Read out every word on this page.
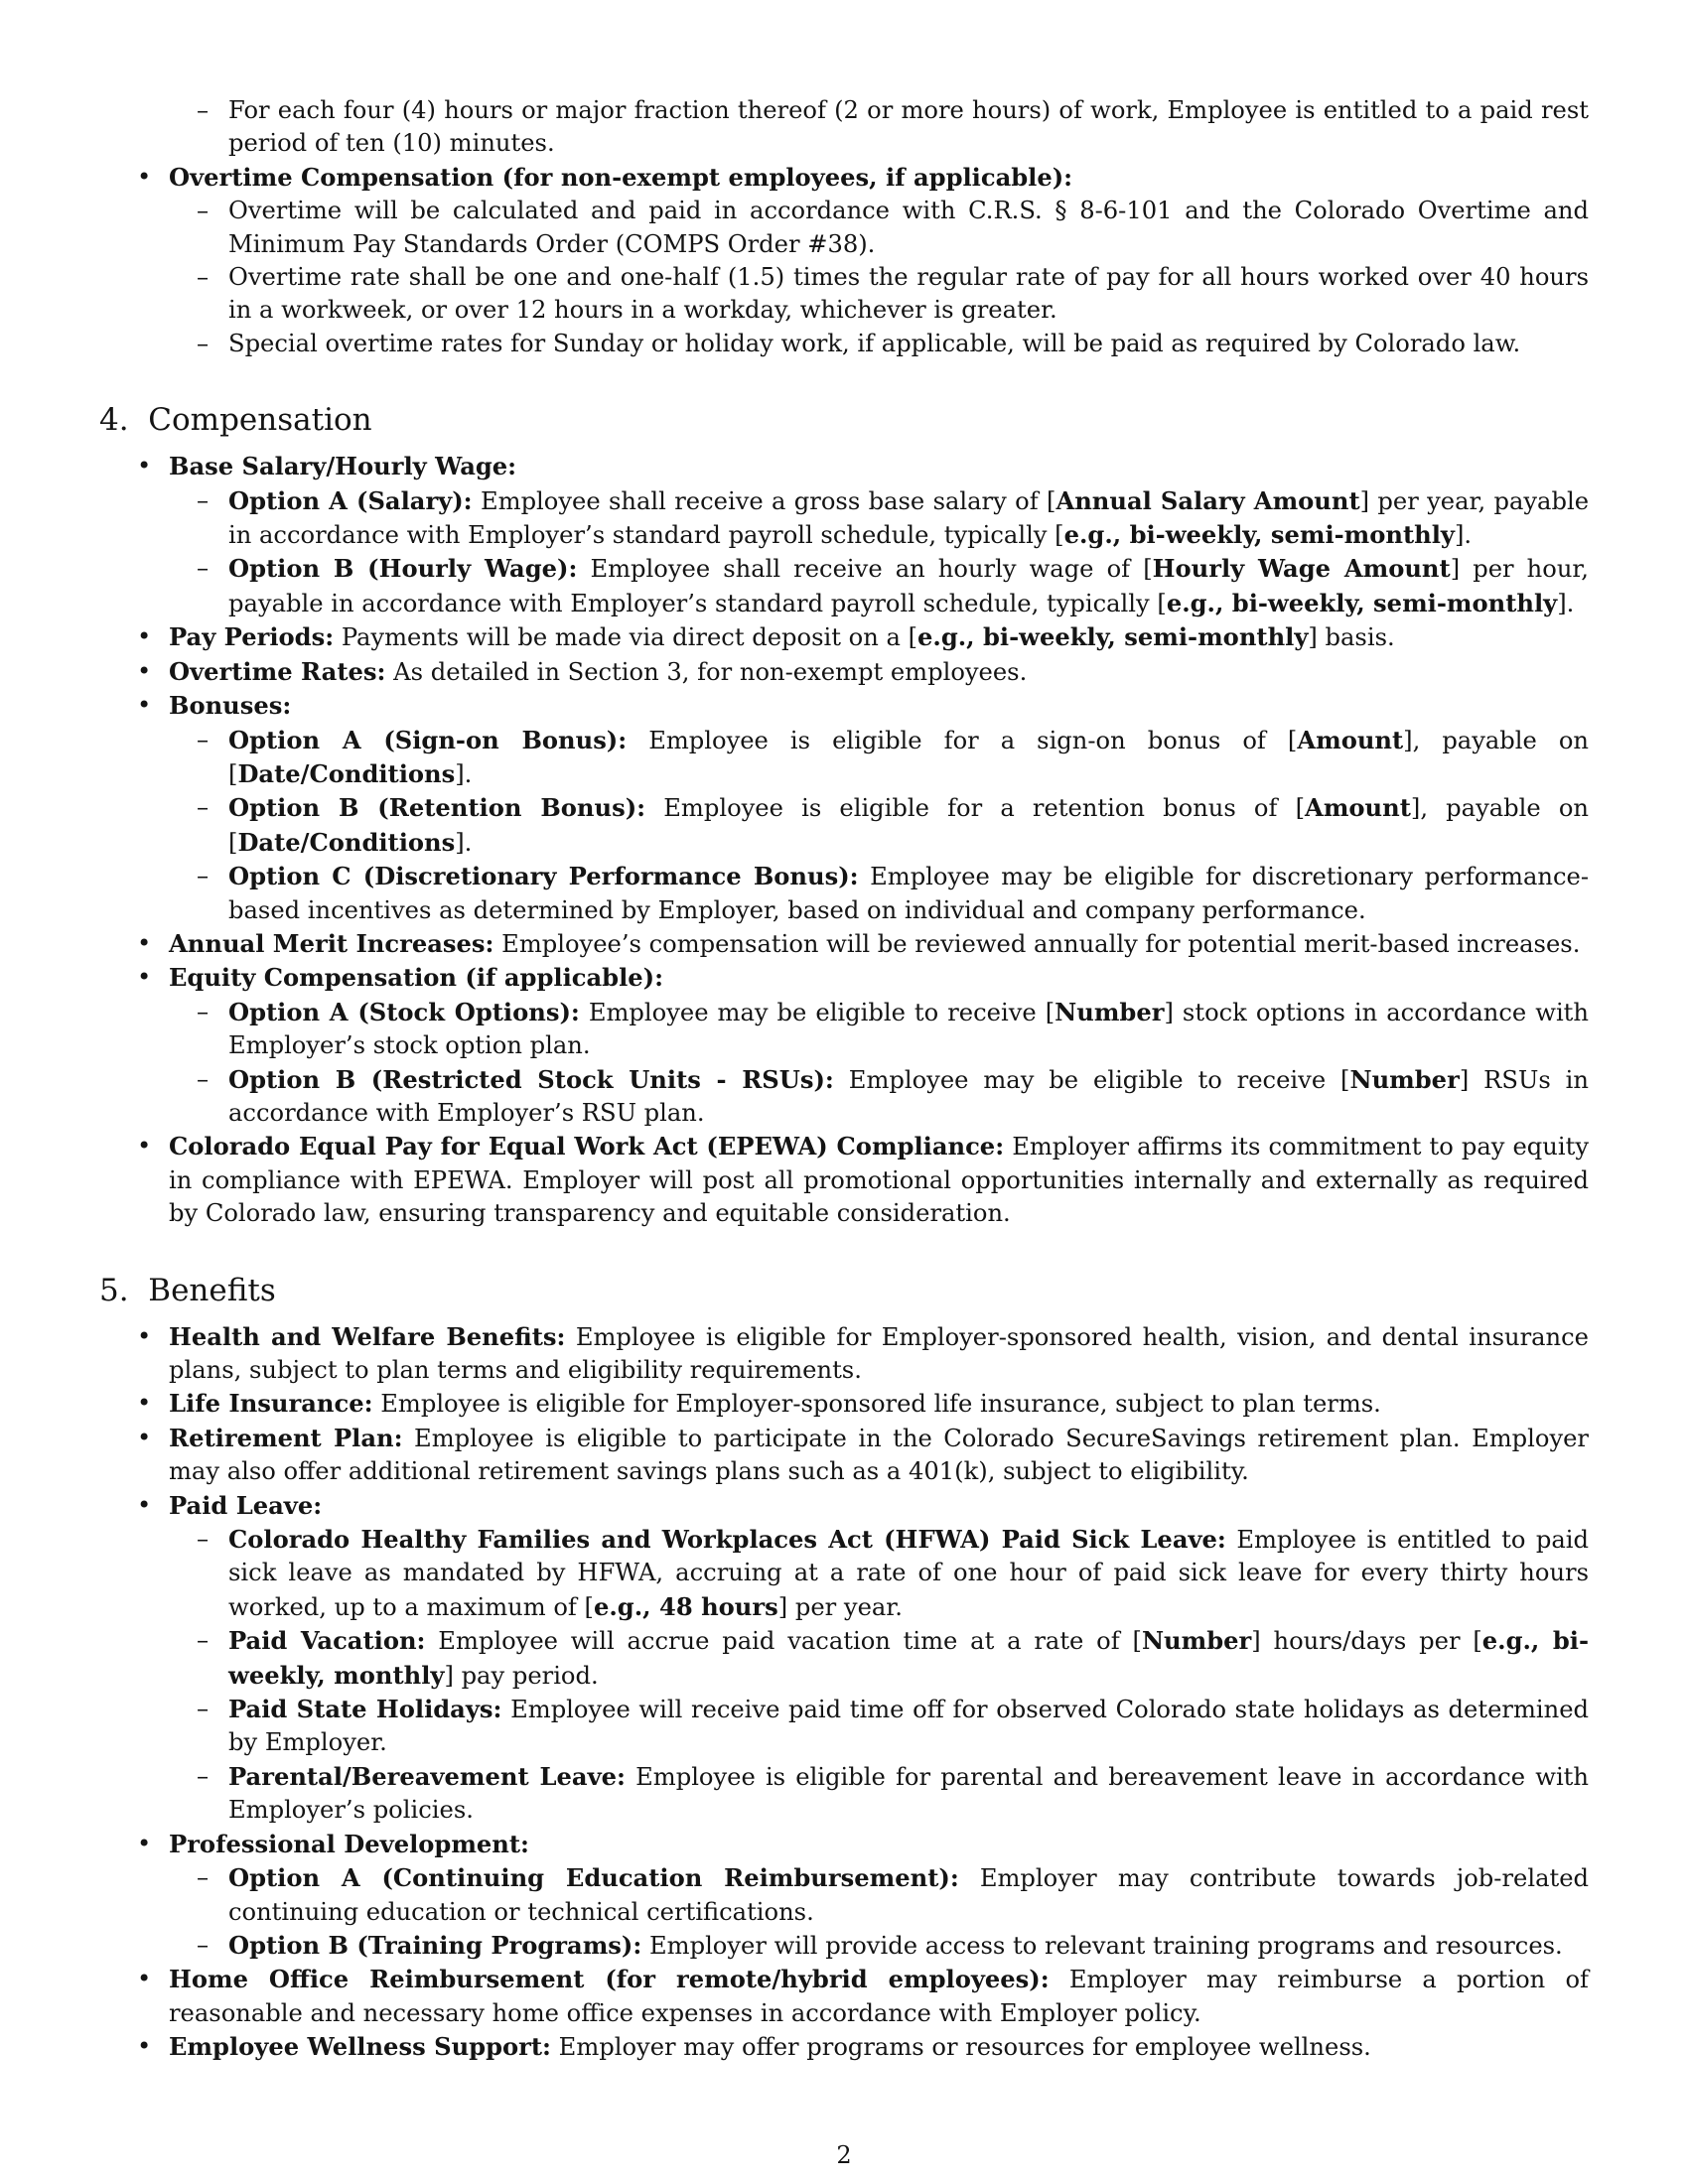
– For each four (4) hours or major fraction thereof (2 or more hours) of work, Employee is entitled to a paid rest period of ten (10) minutes.
• Overtime Compensation (for non-exempt employees, if applicable):
– Overtime will be calculated and paid in accordance with C.R.S. § 8-6-101 and the Colorado Overtime and Minimum Pay Standards Order (COMPS Order #38).
– Overtime rate shall be one and one-half (1.5) times the regular rate of pay for all hours worked over 40 hours in a workweek, or over 12 hours in a workday, whichever is greater.
– Special overtime rates for Sunday or holiday work, if applicable, will be paid as required by Colorado law.
4. Compensation
• Base Salary/Hourly Wage:
– Option A (Salary): Employee shall receive a gross base salary of [Annual Salary Amount] per year, payable in accordance with Employer’s standard payroll schedule, typically [e.g., bi-weekly, semi-monthly].
– Option B (Hourly Wage): Employee shall receive an hourly wage of [Hourly Wage Amount] per hour, payable in accordance with Employer’s standard payroll schedule, typically [e.g., bi-weekly, semi-monthly].
• Pay Periods: Payments will be made via direct deposit on a [e.g., bi-weekly, semi-monthly] basis.
• Overtime Rates: As detailed in Section 3, for non-exempt employees.
• Bonuses:
– Option A (Sign-on Bonus): Employee is eligible for a sign-on bonus of [Amount], payable on [Date/Conditions].
– Option B (Retention Bonus): Employee is eligible for a retention bonus of [Amount], payable on [Date/Conditions].
– Option C (Discretionary Performance Bonus): Employee may be eligible for discretionary performance-based incentives as determined by Employer, based on individual and company performance.
• Annual Merit Increases: Employee’s compensation will be reviewed annually for potential merit-based increases.
• Equity Compensation (if applicable):
– Option A (Stock Options): Employee may be eligible to receive [Number] stock options in accordance with Employer’s stock option plan.
– Option B (Restricted Stock Units - RSUs): Employee may be eligible to receive [Number] RSUs in accordance with Employer’s RSU plan.
• Colorado Equal Pay for Equal Work Act (EPEWA) Compliance: Employer affirms its commitment to pay equity in compliance with EPEWA. Employer will post all promotional opportunities internally and externally as required by Colorado law, ensuring transparency and equitable consideration.
5. Benefits
• Health and Welfare Benefits: Employee is eligible for Employer-sponsored health, vision, and dental insurance plans, subject to plan terms and eligibility requirements.
• Life Insurance: Employee is eligible for Employer-sponsored life insurance, subject to plan terms.
• Retirement Plan: Employee is eligible to participate in the Colorado SecureSavings retirement plan. Employer may also offer additional retirement savings plans such as a 401(k), subject to eligibility.
• Paid Leave:
– Colorado Healthy Families and Workplaces Act (HFWA) Paid Sick Leave: Employee is entitled to paid sick leave as mandated by HFWA, accruing at a rate of one hour of paid sick leave for every thirty hours worked, up to a maximum of [e.g., 48 hours] per year.
– Paid Vacation: Employee will accrue paid vacation time at a rate of [Number] hours/days per [e.g., bi-weekly, monthly] pay period.
– Paid State Holidays: Employee will receive paid time off for observed Colorado state holidays as determined by Employer.
– Parental/Bereavement Leave: Employee is eligible for parental and bereavement leave in accordance with Employer’s policies.
• Professional Development:
– Option A (Continuing Education Reimbursement): Employer may contribute towards job-related continuing education or technical certifications.
– Option B (Training Programs): Employer will provide access to relevant training programs and resources.
• Home Office Reimbursement (for remote/hybrid employees): Employer may reimburse a portion of reasonable and necessary home office expenses in accordance with Employer policy.
• Employee Wellness Support: Employer may offer programs or resources for employee wellness.
2
